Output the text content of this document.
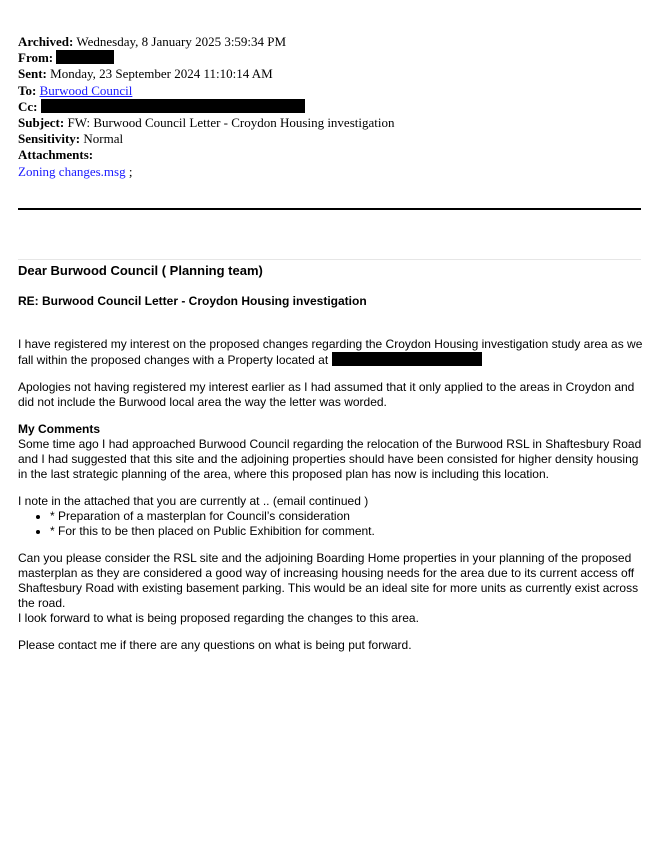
Archived: Wednesday, 8 January 2025 3:59:34 PM
From:
Sent: Monday, 23 September 2024 11:10:14 AM
To: Burwood Council
Cc:
Subject: FW: Burwood Council Letter - Croydon Housing investigation
Sensitivity: Normal
Attachments:
Zoning changes.msg ;

Dear Burwood Council ( Planning team)

RE: Burwood Council Letter - Croydon Housing investigation

I have registered my interest on the proposed changes regarding the Croydon Housing investigation study area as we fall within the proposed changes with a Property located at

Apologies not having registered my interest earlier as I had assumed that it only applied to the areas in Croydon and did not include the Burwood local area the way the letter was worded.

My Comments

Some time ago I had approached Burwood Council regarding the relocation of the Burwood RSL in Shaftesbury Road and I had suggested that this site and the adjoining properties should have been consisted for higher density housing in the last strategic planning of the area, where this proposed plan has now is including this location.

I note in the attached that you are currently at .. (email continued )

• * Preparation of a masterplan for Council’s consideration
• * For this to be then placed on Public Exhibition for comment.

Can you please consider the RSL site and the adjoining Boarding Home properties in your planning of the proposed masterplan as they are considered a good way of increasing housing needs for the area due to its current access off Shaftesbury Road with existing basement parking. This would be an ideal site for more units as currently exist across the road.

I look forward to what is being proposed regarding the changes to this area.

Please contact me if there are any questions on what is being put forward.
